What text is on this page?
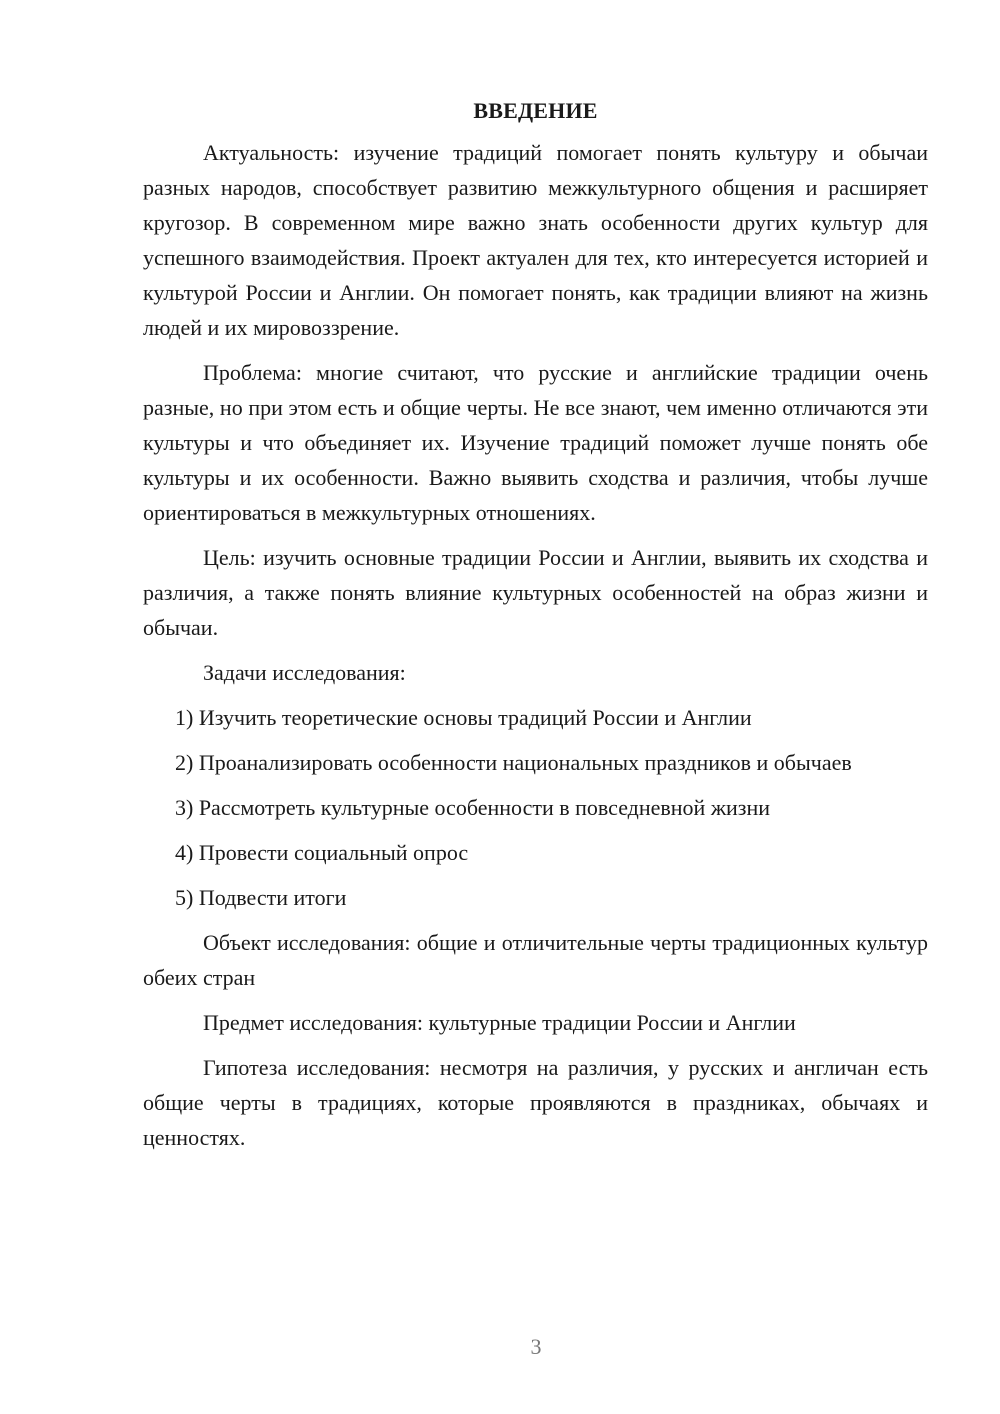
ВВЕДЕНИЕ

Актуальность: изучение традиций помогает понять культуру и обычаи разных народов, способствует развитию межкультурного общения и расширяет кругозор. В современном мире важно знать особенности других культур для успешного взаимодействия. Проект актуален для тех, кто интересуется историей и культурой России и Англии. Он помогает понять, как традиции влияют на жизнь людей и их мировоззрение.

Проблема: многие считают, что русские и английские традиции очень разные, но при этом есть и общие черты. Не все знают, чем именно отличаются эти культуры и что объединяет их. Изучение традиций поможет лучше понять обе культуры и их особенности. Важно выявить сходства и различия, чтобы лучше ориентироваться в межкультурных отношениях.

Цель: изучить основные традиции России и Англии, выявить их сходства и различия, а также понять влияние культурных особенностей на образ жизни и обычаи.

Задачи исследования:

1) Изучить теоретические основы традиций России и Англии

2) Проанализировать особенности национальных праздников и обычаев

3) Рассмотреть культурные особенности в повседневной жизни

4) Провести социальный опрос

5) Подвести итоги

Объект исследования: общие и отличительные черты традиционных культур обеих стран

Предмет исследования: культурные традиции России и Англии

Гипотеза исследования: несмотря на различия, у русских и англичан есть общие черты в традициях, которые проявляются в праздниках, обычаях и ценностях.

3
